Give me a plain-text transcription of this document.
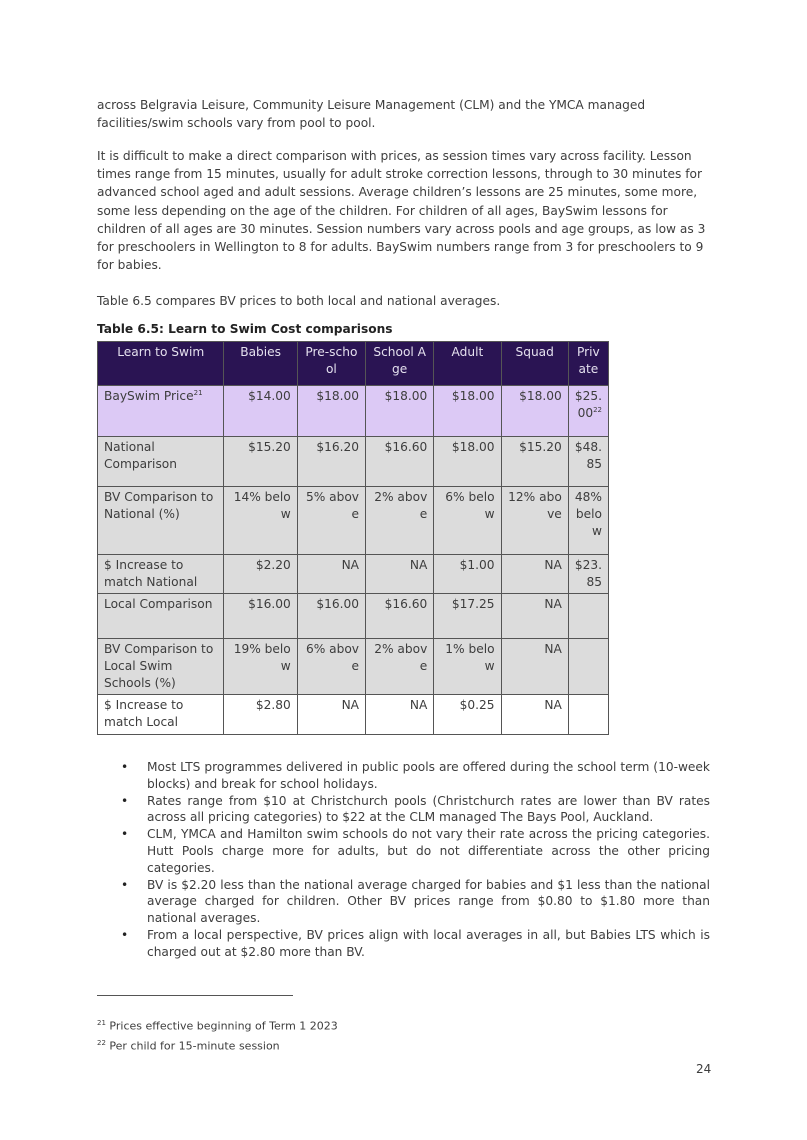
across Belgravia Leisure, Community Leisure Management (CLM) and the YMCA managed facilities/swim schools vary from pool to pool.

It is difficult to make a direct comparison with prices, as session times vary across facility. Lesson times range from 15 minutes, usually for adult stroke correction lessons, through to 30 minutes for advanced school aged and adult sessions. Average children’s lessons are 25 minutes, some more, some less depending on the age of the children. For children of all ages, BaySwim lessons for children of all ages are 30 minutes. Session numbers vary across pools and age groups, as low as 3 for preschoolers in Wellington to 8 for adults. BaySwim numbers range from 3 for preschoolers to 9 for babies.

Table 6.5 compares BV prices to both local and national averages.

Table 6.5: Learn to Swim Cost comparisons
Learn to Swim	Babies	Pre-school	School Age	Adult	Squad	Private
BaySwim Price$^{21}$	$14.00	$18.00	$18.00	$18.00	$18.00	$25.00$^{22}$
National Comparison	$15.20	$16.20	$16.60	$18.00	$15.20	$48.85
BV Comparison to National (%)	14% below	5% above	2% above	6% below	12% above	48% below
$ Increase to match National	$2.20	NA	NA	$1.00	NA	$23.85
Local Comparison	$16.00	$16.00	$16.60	$17.25	NA	
BV Comparison to Local Swim Schools (%)	19% below	6% above	2% above	1% below	NA	
$ Increase to match Local	$2.80	NA	NA	$0.25	NA	
• Most LTS programmes delivered in public pools are offered during the school term (10-week blocks) and break for school holidays.
• Rates range from $10 at Christchurch pools (Christchurch rates are lower than BV rates across all pricing categories) to $22 at the CLM managed The Bays Pool, Auckland.
• CLM, YMCA and Hamilton swim schools do not vary their rate across the pricing categories. Hutt Pools charge more for adults, but do not differentiate across the other pricing categories.
• BV is $2.20 less than the national average charged for babies and $1 less than the national average charged for children. Other BV prices range from $0.80 to $1.80 more than national averages.
• From a local perspective, BV prices align with local averages in all, but Babies LTS which is charged out at $2.80 more than BV.
$^{21}$ Prices effective beginning of Term 1 2023
$^{22}$ Per child for 15-minute session
24
